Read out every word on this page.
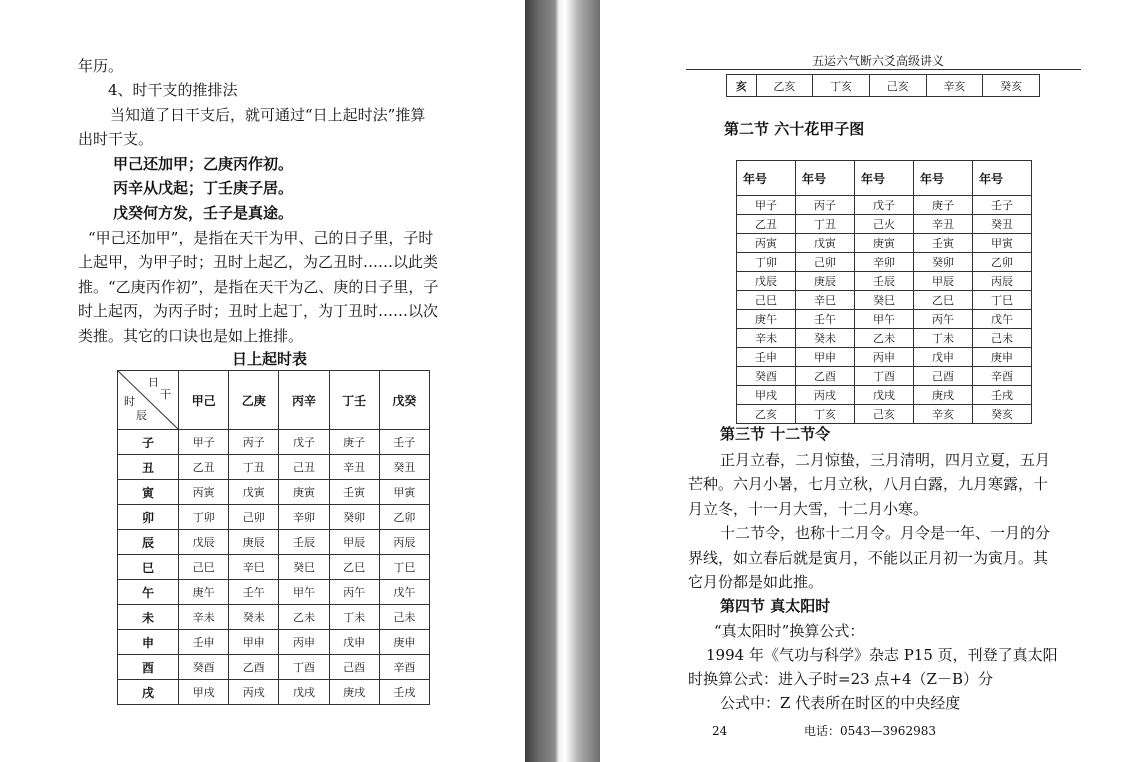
年历。
4、时干支的推排法
当知道了日干支后，就可通过“日上起时法”推算
出时干支。
甲己还加甲；乙庚丙作初。
丙辛从戊起；丁壬庚子居。
戊癸何方发，壬子是真途。
“甲己还加甲”，是指在天干为甲、己的日子里，子时
上起甲，为甲子时；丑时上起乙，为乙丑时……以此类
推。“乙庚丙作初”，是指在天干为乙、庚的日子里，子
时上起丙，为丙子时；丑时上起丁，为丁丑时……以次
类推。其它的口诀也是如上推排。
日上起时表
日
干
时
辰	甲己	乙庚	丙辛	丁壬	戊癸
子	甲子	丙子	戊子	庚子	壬子
丑	乙丑	丁丑	己丑	辛丑	癸丑
寅	丙寅	戊寅	庚寅	壬寅	甲寅
卯	丁卯	己卯	辛卯	癸卯	乙卯
辰	戊辰	庚辰	壬辰	甲辰	丙辰
巳	己巳	辛巳	癸巳	乙巳	丁巳
午	庚午	壬午	甲午	丙午	戊午
未	辛未	癸未	乙未	丁未	己未
申	壬申	甲申	丙申	戊申	庚申
酉	癸酉	乙酉	丁酉	己酉	辛酉
戌	甲戌	丙戌	戊戌	庚戌	壬戌
五运六气断六爻高级讲义
亥	乙亥	丁亥	己亥	辛亥	癸亥
第二节 六十花甲子图
年号	年号	年号	年号	年号
甲子	丙子	戊子	庚子	壬子
乙丑	丁丑	己火	辛丑	癸丑
丙寅	戊寅	庚寅	壬寅	甲寅
丁卯	己卯	辛卯	癸卯	乙卯
戊辰	庚辰	壬辰	甲辰	丙辰
己巳	辛巳	癸巳	乙巳	丁巳
庚午	壬午	甲午	丙午	戊午
辛未	癸未	乙未	丁未	己未
壬申	甲申	丙申	戊申	庚申
癸酉	乙酉	丁酉	己酉	辛酉
甲戌	丙戌	戊戌	庚戌	壬戌
乙亥	丁亥	己亥	辛亥	癸亥
第三节 十二节令
正月立春，二月惊蛰，三月清明，四月立夏，五月
芒种。六月小暑，七月立秋，八月白露，九月寒露，十
月立冬，十一月大雪，十二月小寒。
十二节令，也称十二月令。月令是一年、一月的分
界线，如立春后就是寅月，不能以正月初一为寅月。其
它月份都是如此推。
第四节 真太阳时
“真太阳时”换算公式：
1994 年《气功与科学》杂志 P15 页，刊登了真太阳
时换算公式：进入子时=23 点+4（Z－B）分
公式中：Z 代表所在时区的中央经度
24	电话：0543—3962983
